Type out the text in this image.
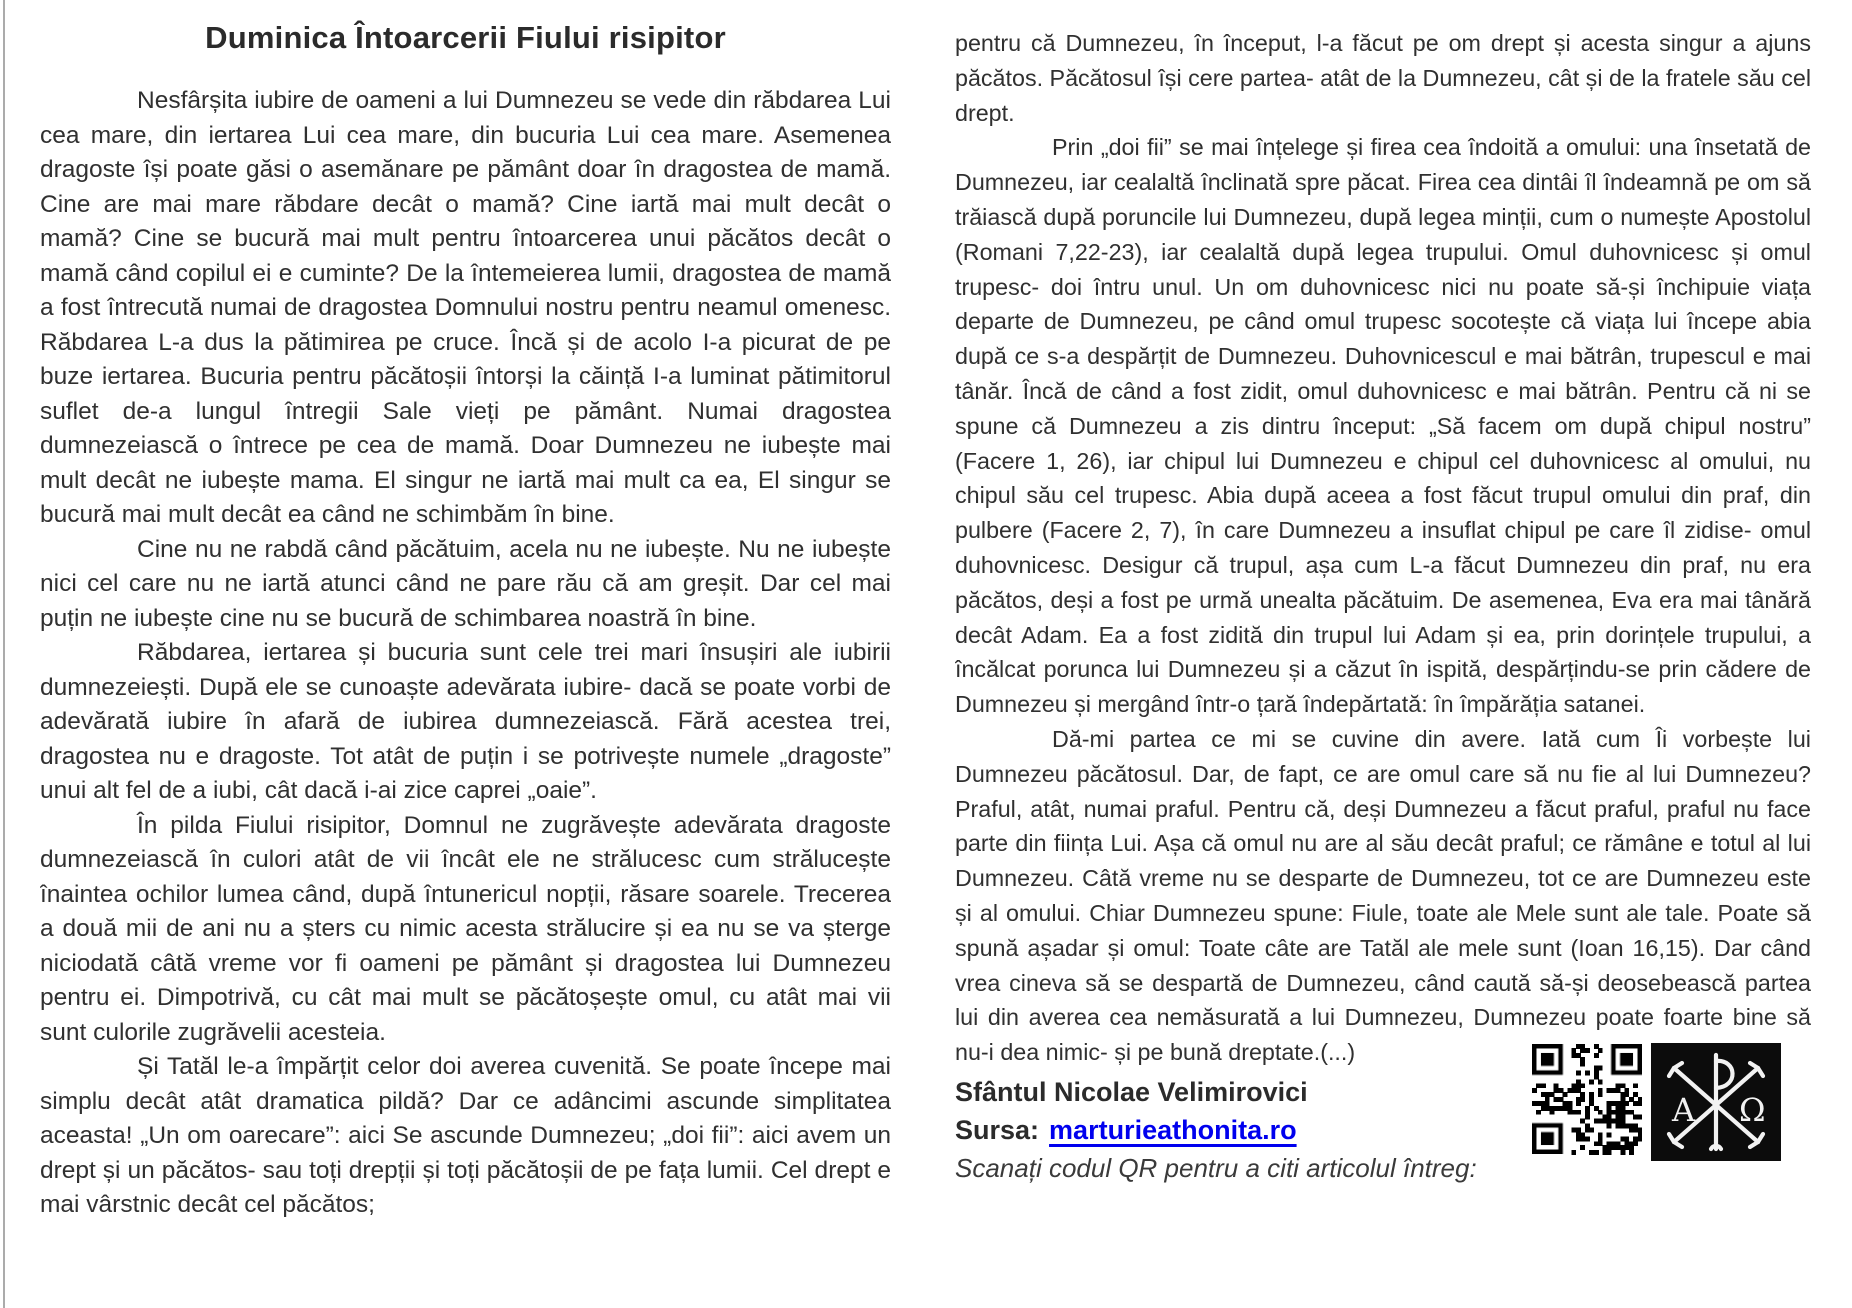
Duminica Întoarcerii Fiului risipitor

Nesfârșita iubire de oameni a lui Dumnezeu se vede din răbdarea Lui cea mare, din iertarea Lui cea mare, din bucuria Lui cea mare. Asemenea dragoste își poate găsi o asemănare pe pământ doar în dragostea de mamă. Cine are mai mare răbdare decât o mamă? Cine iartă mai mult decât o mamă? Cine se bucură mai mult pentru întoarcerea unui păcătos decât o mamă când copilul ei e cuminte? De la întemeierea lumii, dragostea de mamă a fost întrecută numai de dragostea Domnului nostru pentru neamul omenesc. Răbdarea L-a dus la pătimirea pe cruce. Încă și de acolo I-a picurat de pe buze iertarea. Bucuria pentru păcătoșii întorși la căință I-a luminat pătimitorul suflet de-a lungul întregii Sale vieți pe pământ. Numai dragostea dumnezeiască o întrece pe cea de mamă. Doar Dumnezeu ne iubește mai mult decât ne iubește mama. El singur ne iartă mai mult ca ea, El singur se bucură mai mult decât ea când ne schimbăm în bine.

Cine nu ne rabdă când păcătuim, acela nu ne iubește. Nu ne iubește nici cel care nu ne iartă atunci când ne pare rău că am greșit. Dar cel mai puțin ne iubește cine nu se bucură de schimbarea noastră în bine.

Răbdarea, iertarea și bucuria sunt cele trei mari însușiri ale iubirii dumnezeiești. După ele se cunoaște adevărata iubire- dacă se poate vorbi de adevărată iubire în afară de iubirea dumnezeiască. Fără acestea trei, dragostea nu e dragoste. Tot atât de puțin i se potrivește numele „dragoste” unui alt fel de a iubi, cât dacă i-ai zice caprei „oaie”.

În pilda Fiului risipitor, Domnul ne zugrăvește adevărata dragoste dumnezeiască în culori atât de vii încât ele ne strălucesc cum strălucește înaintea ochilor lumea când, după întunericul nopții, răsare soarele. Trecerea a două mii de ani nu a șters cu nimic acesta strălucire și ea nu se va șterge niciodată câtă vreme vor fi oameni pe pământ și dragostea lui Dumnezeu pentru ei. Dimpotrivă, cu cât mai mult se păcătoșește omul, cu atât mai vii sunt culorile zugrăvelii acesteia.

Și Tatăl le-a împărțit celor doi averea cuvenită. Se poate începe mai simplu decât atât dramatica pildă? Dar ce adâncimi ascunde simplitatea aceasta! „Un om oarecare”: aici Se ascunde Dumnezeu; „doi fii”: aici avem un drept și un păcătos- sau toți drepții și toți păcătoșii de pe fața lumii. Cel drept e mai vârstnic decât cel păcătos;

pentru că Dumnezeu, în început, l-a făcut pe om drept și acesta singur a ajuns păcătos. Păcătosul își cere partea- atât de la Dumnezeu, cât și de la fratele său cel drept.

Prin „doi fii” se mai înțelege și firea cea îndoită a omului: una însetată de Dumnezeu, iar cealaltă înclinată spre păcat. Firea cea dintâi îl îndeamnă pe om să trăiască după poruncile lui Dumnezeu, după legea minții, cum o numește Apostolul (Romani 7,22-23), iar cealaltă după legea trupului. Omul duhovnicesc și omul trupesc- doi întru unul. Un om duhovnicesc nici nu poate să-și închipuie viața departe de Dumnezeu, pe când omul trupesc socotește că viața lui începe abia după ce s-a despărțit de Dumnezeu. Duhovnicescul e mai bătrân, trupescul e mai tânăr. Încă de când a fost zidit, omul duhovnicesc e mai bătrân. Pentru că ni se spune că Dumnezeu a zis dintru început: „Să facem om după chipul nostru” (Facere 1, 26), iar chipul lui Dumnezeu e chipul cel duhovnicesc al omului, nu chipul său cel trupesc. Abia după aceea a fost făcut trupul omului din praf, din pulbere (Facere 2, 7), în care Dumnezeu a insuflat chipul pe care îl zidise- omul duhovnicesc. Desigur că trupul, așa cum L-a făcut Dumnezeu din praf, nu era păcătos, deși a fost pe urmă unealta păcătuim. De asemenea, Eva era mai tânără decât Adam. Ea a fost zidită din trupul lui Adam și ea, prin dorințele trupului, a încălcat porunca lui Dumnezeu și a căzut în ispită, despărțindu-se prin cădere de Dumnezeu și mergând într-o țară îndepărtată: în împărăția satanei.

Dă-mi partea ce mi se cuvine din avere. Iată cum Îi vorbește lui Dumnezeu păcătosul. Dar, de fapt, ce are omul care să nu fie al lui Dumnezeu? Praful, atât, numai praful. Pentru că, deși Dumnezeu a făcut praful, praful nu face parte din ființa Lui. Așa că omul nu are al său decât praful; ce rămâne e totul al lui Dumnezeu. Câtă vreme nu se desparte de Dumnezeu, tot ce are Dumnezeu este și al omului. Chiar Dumnezeu spune: Fiule, toate ale Mele sunt ale tale. Poate să spună așadar și omul: Toate câte are Tatăl ale mele sunt (Ioan 16,15). Dar când vrea cineva să se despartă de Dumnezeu, când caută să-și deosebească partea lui din averea cea nemăsurată a lui Dumnezeu, Dumnezeu poate foarte bine să nu-i dea nimic- și pe bună dreptate.(...)

Sfântul Nicolae Velimirovici

Sursa: marturieathonita.ro

Scanați codul QR pentru a citi articolul întreg:

Α Ω
